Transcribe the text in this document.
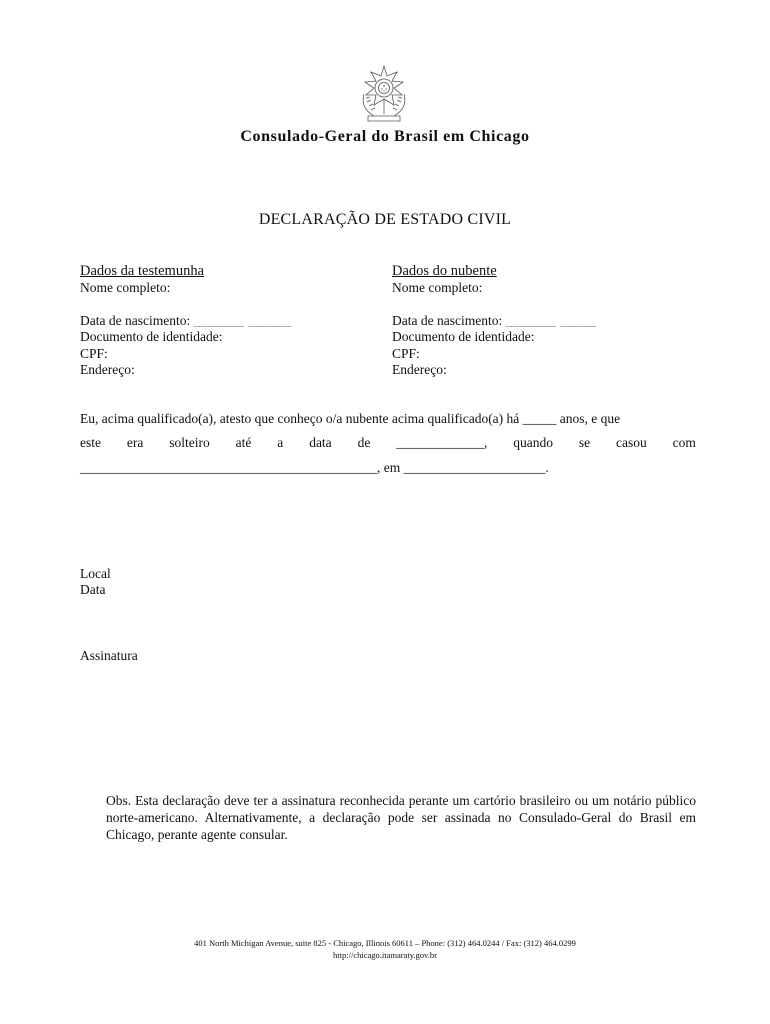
Consulado-Geral do Brasil em Chicago
DECLARAÇÃO DE ESTADO CIVIL
Dados da testemunha
Nome completo:
Data de nascimento: _______ ______
Documento de identidade:
CPF:
Endereço:
Dados do nubente
Nome completo:
Data de nascimento: _______ _____
Documento de identidade:
CPF:
Endereço:
Eu, acima qualificado(a), atesto que conheço o/a nubente acima qualificado(a) há _____ anos, e que
este era solteiro até a data de _____________, quando se casou com
____________________________________________, em _____________________.
Local
Data
Assinatura
Obs. Esta declaração deve ter a assinatura reconhecida perante um cartório brasileiro ou um notário público norte-americano. Alternativamente, a declaração pode ser assinada no Consulado-Geral do Brasil em Chicago, perante agente consular.
401 North Michigan Avenue, suite 825 - Chicago, Illinois 60611 – Phone: (312) 464.0244 / Fax: (312) 464.0299
http://chicago.itamaraty.gov.br
